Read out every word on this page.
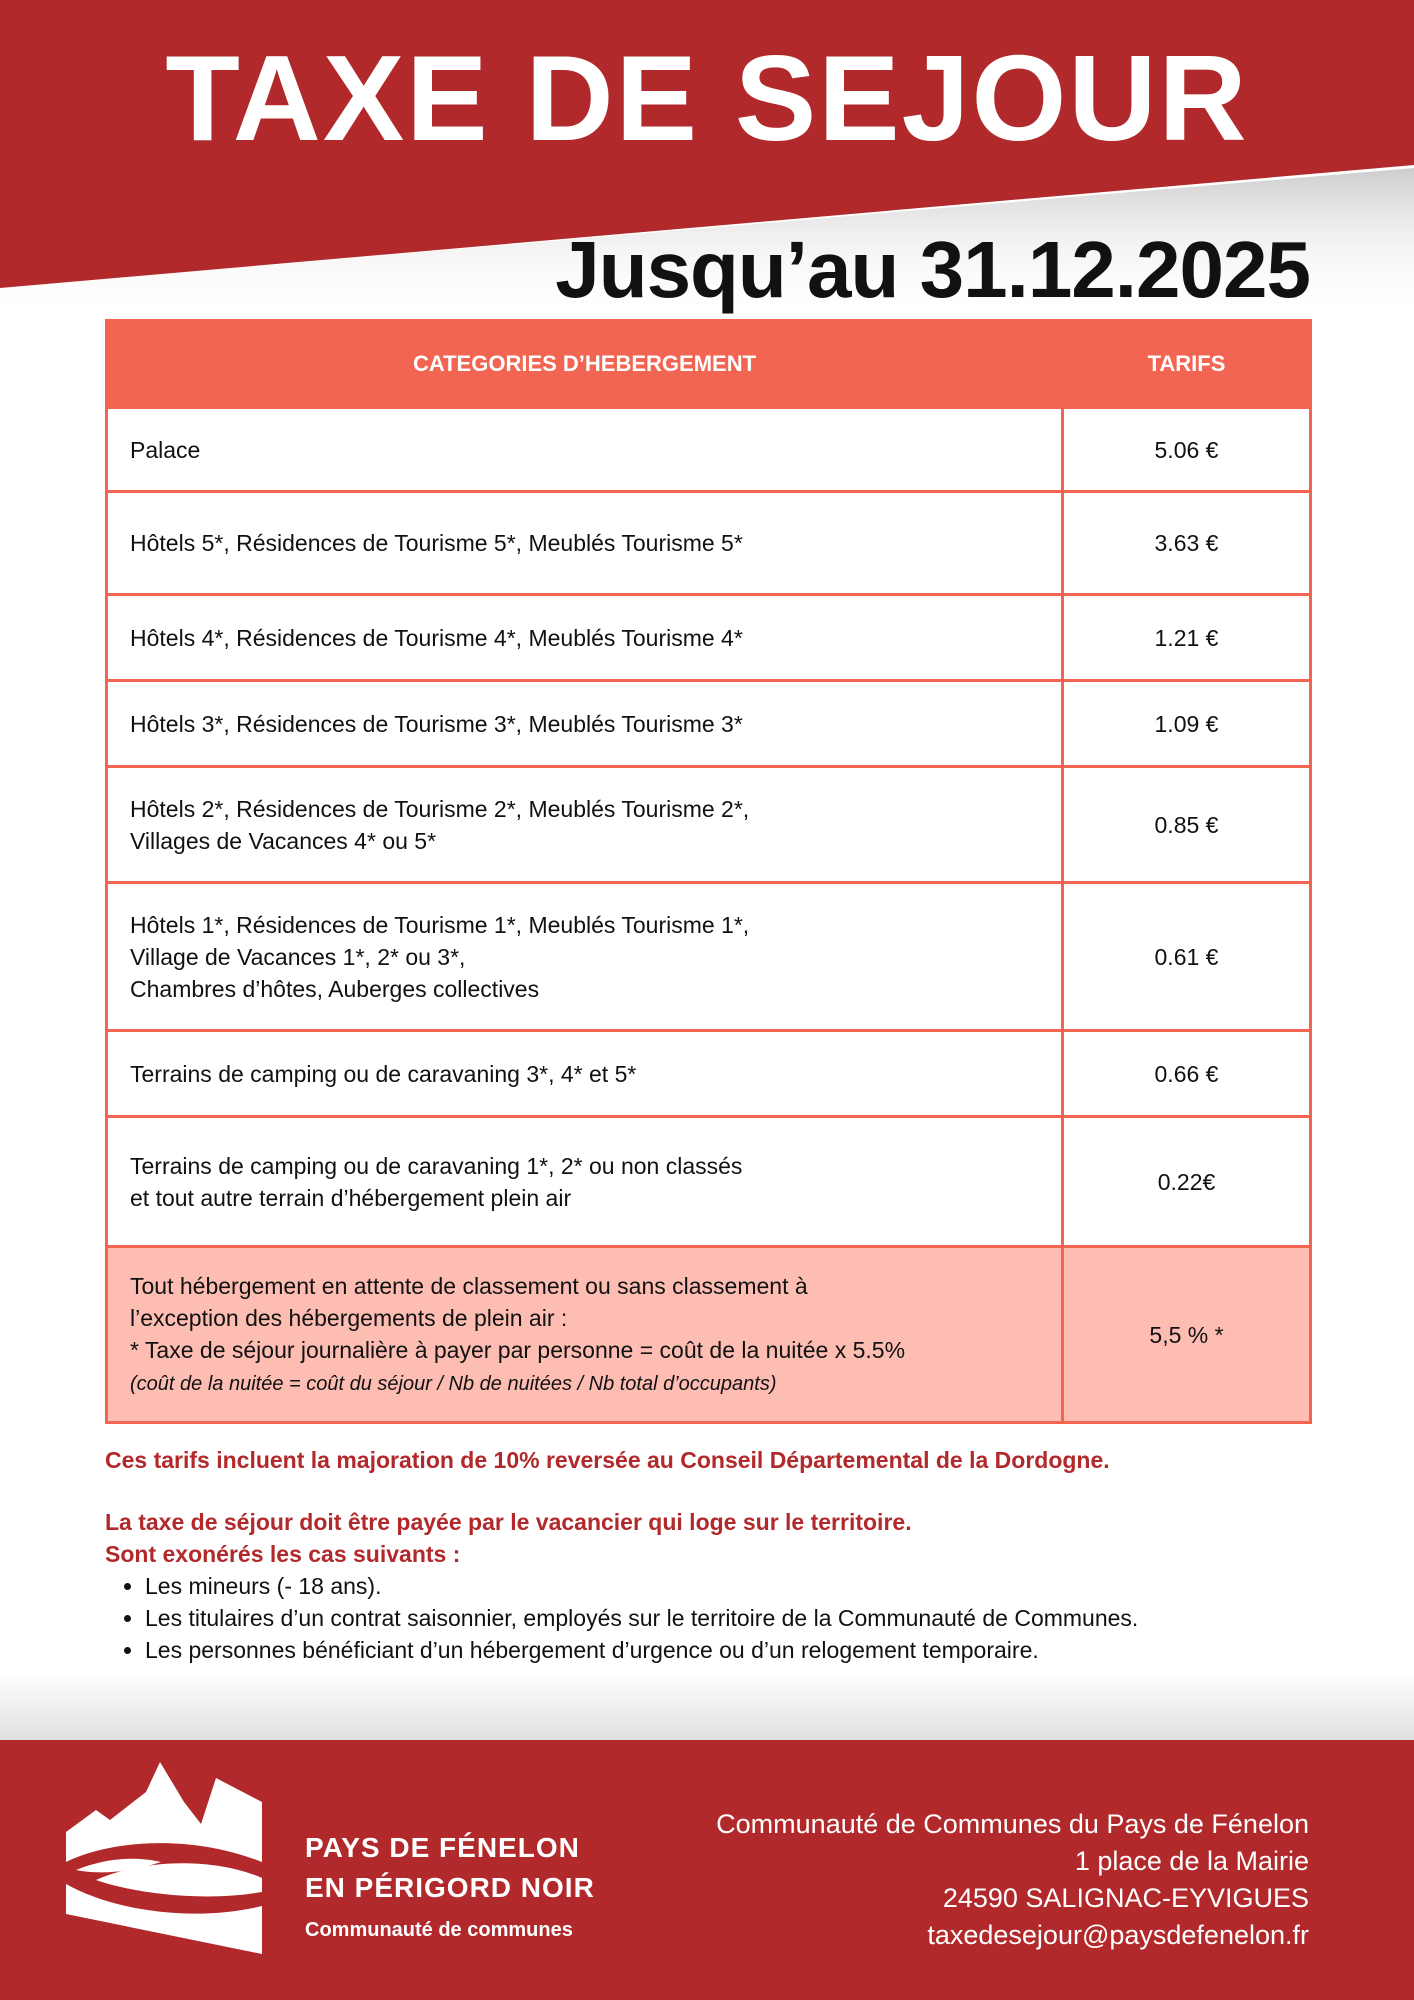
TAXE DE SEJOUR
Jusqu’au 31.12.2025
CATEGORIES D’HEBERGEMENT	TARIFS
Palace	5.06 €
Hôtels 5*, Résidences de Tourisme 5*, Meublés Tourisme 5*	3.63 €
Hôtels 4*, Résidences de Tourisme 4*, Meublés Tourisme 4*	1.21 €
Hôtels 3*, Résidences de Tourisme 3*, Meublés Tourisme 3*	1.09 €
Hôtels 2*, Résidences de Tourisme 2*, Meublés Tourisme 2*,
Villages de Vacances 4* ou 5*	0.85 €
Hôtels 1*, Résidences de Tourisme 1*, Meublés Tourisme 1*,
Village de Vacances 1*, 2* ou 3*,
Chambres d’hôtes, Auberges collectives	0.61 €
Terrains de camping ou de caravaning 3*, 4* et 5*	0.66 €
Terrains de camping ou de caravaning 1*, 2* ou non classés
et tout autre terrain d’hébergement plein air	0.22€
Tout hébergement en attente de classement ou sans classement à
l’exception des hébergements de plein air :
* Taxe de séjour journalière à payer par personne = coût de la nuitée x 5.5%
(coût de la nuitée = coût du séjour / Nb de nuitées / Nb total d’occupants)	5,5 % *

Ces tarifs incluent la majoration de 10% reversée au Conseil Départemental de la Dordogne.

La taxe de séjour doit être payée par le vacancier qui loge sur le territoire.

Sont exonérés les cas suivants :

• Les mineurs (- 18 ans).
• Les titulaires d’un contrat saisonnier, employés sur le territoire de la Communauté de Communes.
• Les personnes bénéficiant d’un hébergement d’urgence ou d’un relogement temporaire.
PAYS DE FÉNELON
EN PÉRIGORD NOIR
Communauté de communes
Communauté de Communes du Pays de Fénelon
1 place de la Mairie
24590 SALIGNAC-EYVIGUES
taxedesejour@paysdefenelon.fr
